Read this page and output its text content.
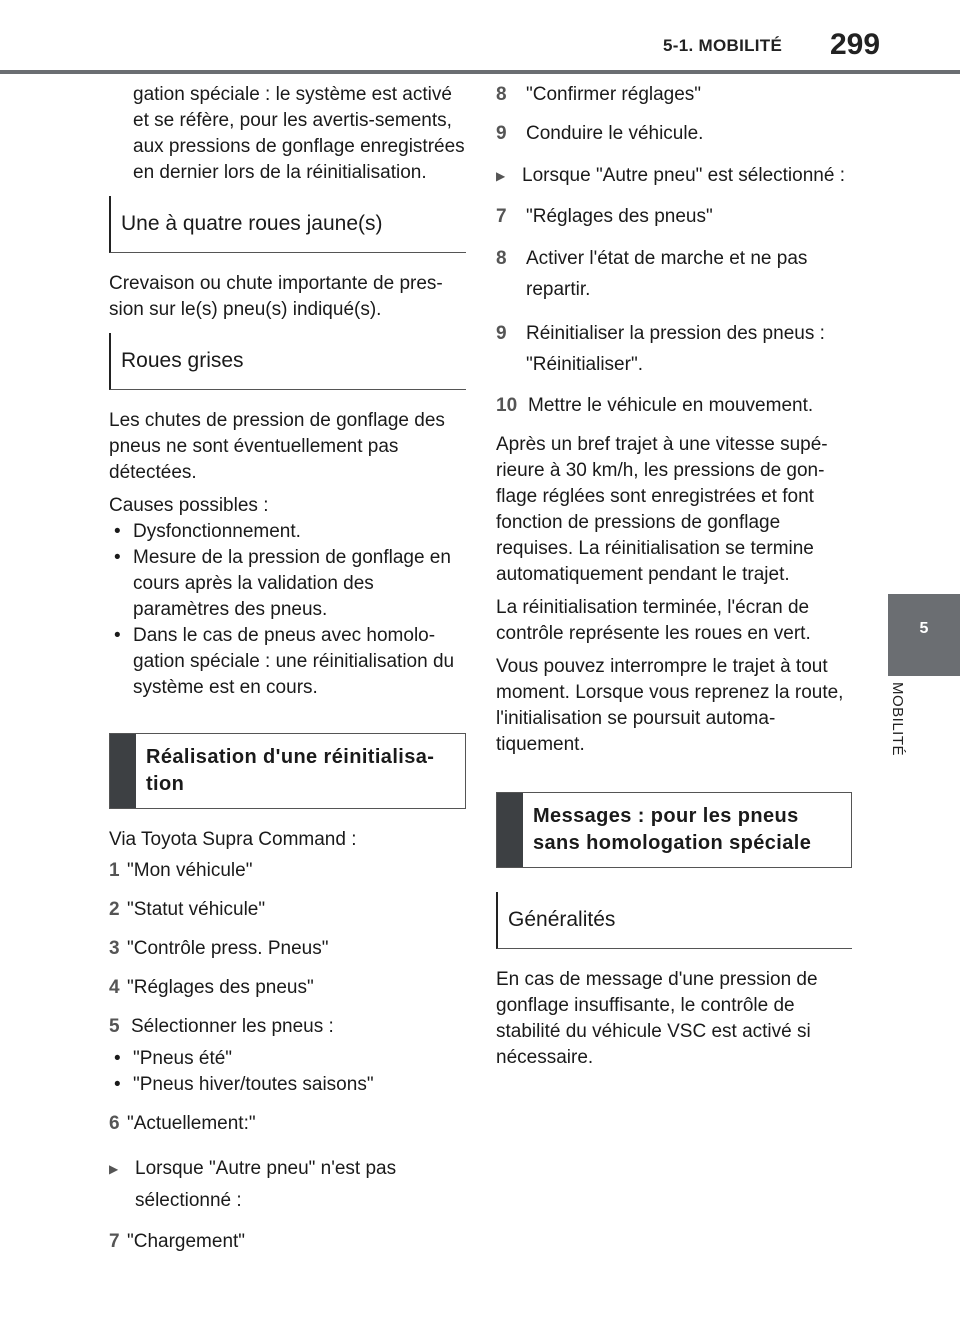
5-1. MOBILITÉ 299
5
MOBILITÉ

gation spéciale : le système est activé et se réfère, pour les avertis-sements, aux pressions de gonflage enregistrées en dernier lors de la réinitialisation.

Une à quatre roues jaune(s)

Crevaison ou chute importante de pres-sion sur le(s) pneu(s) indiqué(s).

Roues grises

Les chutes de pression de gonflage des pneus ne sont éventuellement pas détectées.

Causes possibles :

• Dysfonctionnement.
• Mesure de la pression de gonflage en cours après la validation des paramètres des pneus.
• Dans le cas de pneus avec homolo-gation spéciale : une réinitialisation du système est en cours.
Réalisation d'une réinitialisa-tion

Via Toyota Supra Command :

1 "Mon véhicule"
2 "Statut véhicule"
3 "Contrôle press. Pneus"
4 "Réglages des pneus"
5 Sélectionner les pneus :
• "Pneus été"
• "Pneus hiver/toutes saisons"
6 "Actuellement:"
▶ Lorsque "Autre pneu" n'est pas sélectionné :
7 "Chargement"
8	"Confirmer réglages"
9	Conduire le véhicule.
▶ Lorsque "Autre pneu" est sélectionné :
7	"Réglages des pneus"
8	Activer l'état de marche et ne pas repartir.
9	Réinitialiser la pression des pneus : "Réinitialiser".
10 Mettre le véhicule en mouvement.

Après un bref trajet à une vitesse supé-rieure à 30 km/h, les pressions de gon-flage réglées sont enregistrées et font fonction de pressions de gonflage requises. La réinitialisation se termine automatiquement pendant le trajet.

La réinitialisation terminée, l'écran de contrôle représente les roues en vert.

Vous pouvez interrompre le trajet à tout moment. Lorsque vous reprenez la route, l'initialisation se poursuit automa-tiquement.

Messages : pour les pneus sans homologation spéciale
Généralités

En cas de message d'une pression de gonflage insuffisante, le contrôle de stabilité du véhicule VSC est activé si nécessaire.
